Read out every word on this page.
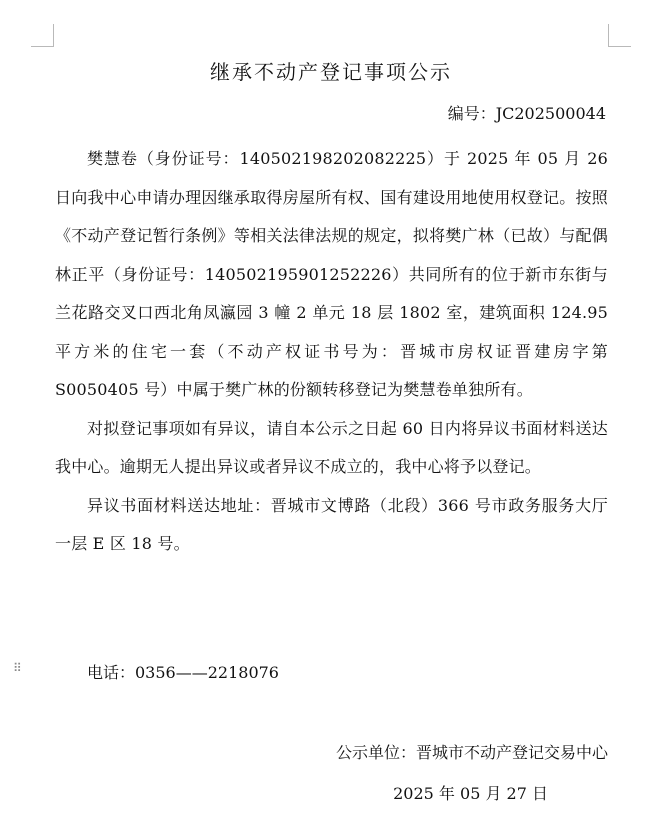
⠿
继承不动产登记事项公示
编号：JC202500044

樊慧卷（身份证号：140502198202082225）于 2025 年 05 月 26 日向我中心申请办理因继承取得房屋所有权、国有建设用地使用权登记。按照《不动产登记暂行条例》等相关法律法规的规定，拟将樊广林（已故）与配偶林正平（身份证号：140502195901252226）共同所有的位于新市东街与兰花路交叉口西北角凤瀛园 3 幢 2 单元 18 层 1802 室，建筑面积 124.95 平方米的住宅一套（不动产权证书号为：晋城市房权证晋建房字第 S0050405 号）中属于樊广林的份额转移登记为樊慧卷单独所有。

对拟登记事项如有异议，请自本公示之日起 60 日内将异议书面材料送达我中心。逾期无人提出异议或者异议不成立的，我中心将予以登记。

异议书面材料送达地址：晋城市文博路（北段）366 号市政务服务大厅一层 E 区 18 号。

电话：0356——2218076
公示单位：晋城市不动产登记交易中心
2025 年 05 月 27 日
